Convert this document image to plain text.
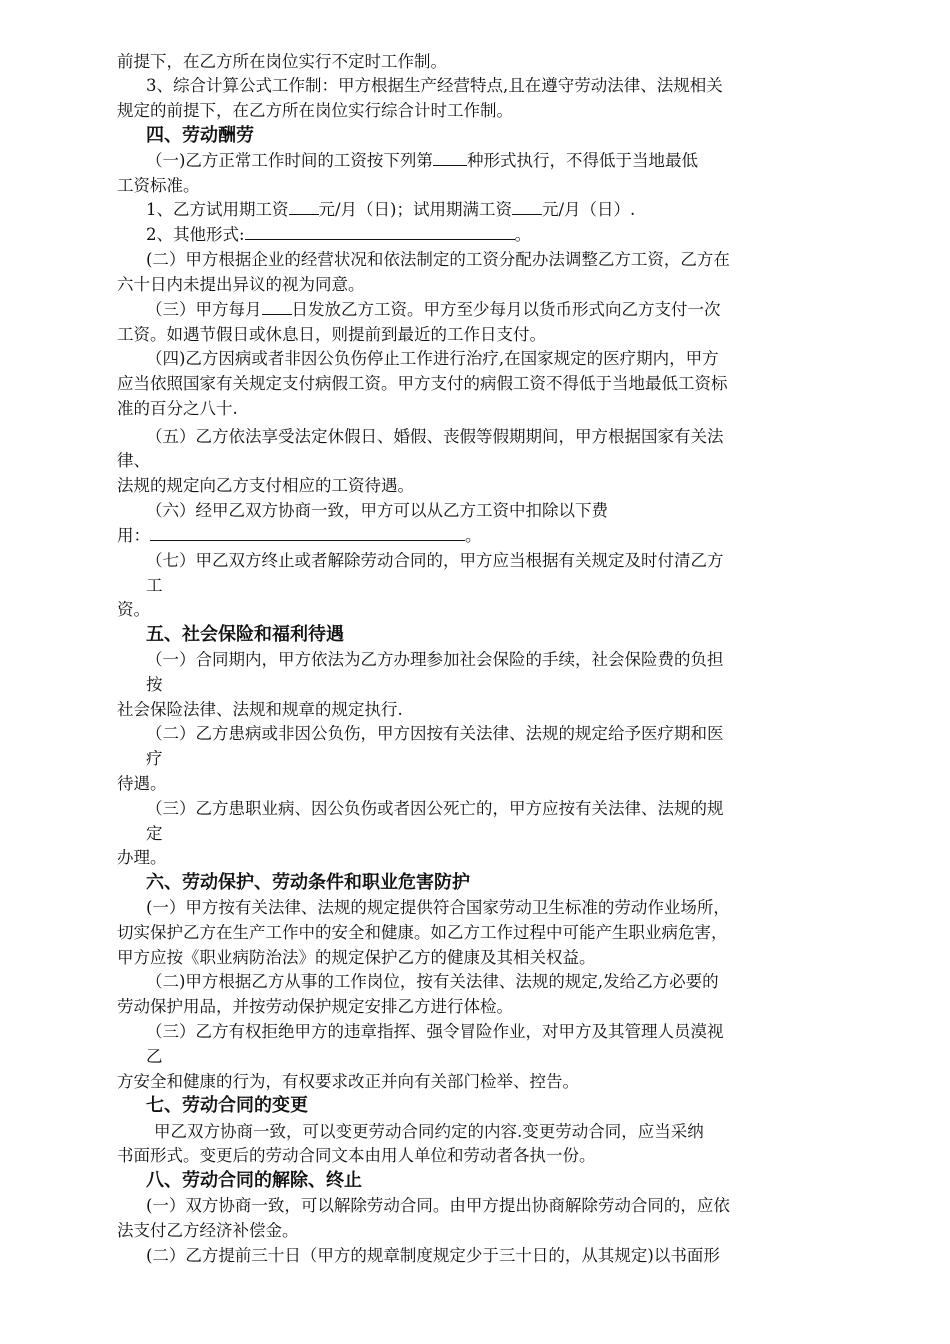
前提下，在乙方所在岗位实行不定时工作制。
3、综合计算公式工作制：甲方根据生产经营特点,且在遵守劳动法律、法规相关
规定的前提下，在乙方所在岗位实行综合计时工作制。
四、劳动酬劳
（一)乙方正常工作时间的工资按下列第 种形式执行，不得低于当地最低
工资标准。
1、乙方试用期工资 元/月（日)；试用期满工资 元/月（日）.
2、其他形式:	。
(二）甲方根据企业的经营状况和依法制定的工资分配办法调整乙方工资，乙方在
六十日内未提出异议的视为同意。
（三）甲方每月 日发放乙方工资。甲方至少每月以货币形式向乙方支付一次
工资。如遇节假日或休息日，则提前到最近的工作日支付。
（四)乙方因病或者非因公负伤停止工作进行治疗,在国家规定的医疗期内，甲方
应当依照国家有关规定支付病假工资。甲方支付的病假工资不得低于当地最低工资标
准的百分之八十.
（五）乙方依法享受法定休假日、婚假、丧假等假期期间，甲方根据国家有关法
律、
法规的规定向乙方支付相应的工资待遇。
（六）经甲乙双方协商一致，甲方可以从乙方工资中扣除以下费
用：	。
（七）甲乙双方终止或者解除劳动合同的，甲方应当根据有关规定及时付清乙方
工
资。
五、社会保险和福利待遇
（一）合同期内，甲方依法为乙方办理参加社会保险的手续，社会保险费的负担
按
社会保险法律、法规和规章的规定执行.
（二）乙方患病或非因公负伤，甲方因按有关法律、法规的规定给予医疗期和医
疗
待遇。
（三）乙方患职业病、因公负伤或者因公死亡的，甲方应按有关法律、法规的规
定
办理。
六、劳动保护、劳动条件和职业危害防护
(一）甲方按有关法律、法规的规定提供符合国家劳动卫生标准的劳动作业场所，
切实保护乙方在生产工作中的安全和健康。如乙方工作过程中可能产生职业病危害，
甲方应按《职业病防治法》的规定保护乙方的健康及其相关权益。
（二)甲方根据乙方从事的工作岗位，按有关法律、法规的规定,发给乙方必要的
劳动保护用品，并按劳动保护规定安排乙方进行体检。
（三）乙方有权拒绝甲方的违章指挥、强令冒险作业，对甲方及其管理人员漠视
乙
方安全和健康的行为，有权要求改正并向有关部门检举、控告。
七、劳动合同的变更
甲乙双方协商一致，可以变更劳动合同约定的内容.变更劳动合同，应当采纳
书面形式。变更后的劳动合同文本由用人单位和劳动者各执一份。
八、劳动合同的解除、终止
(一）双方协商一致，可以解除劳动合同。由甲方提出协商解除劳动合同的，应依
法支付乙方经济补偿金。
(二）乙方提前三十日（甲方的规章制度规定少于三十日的，从其规定)以书面形
